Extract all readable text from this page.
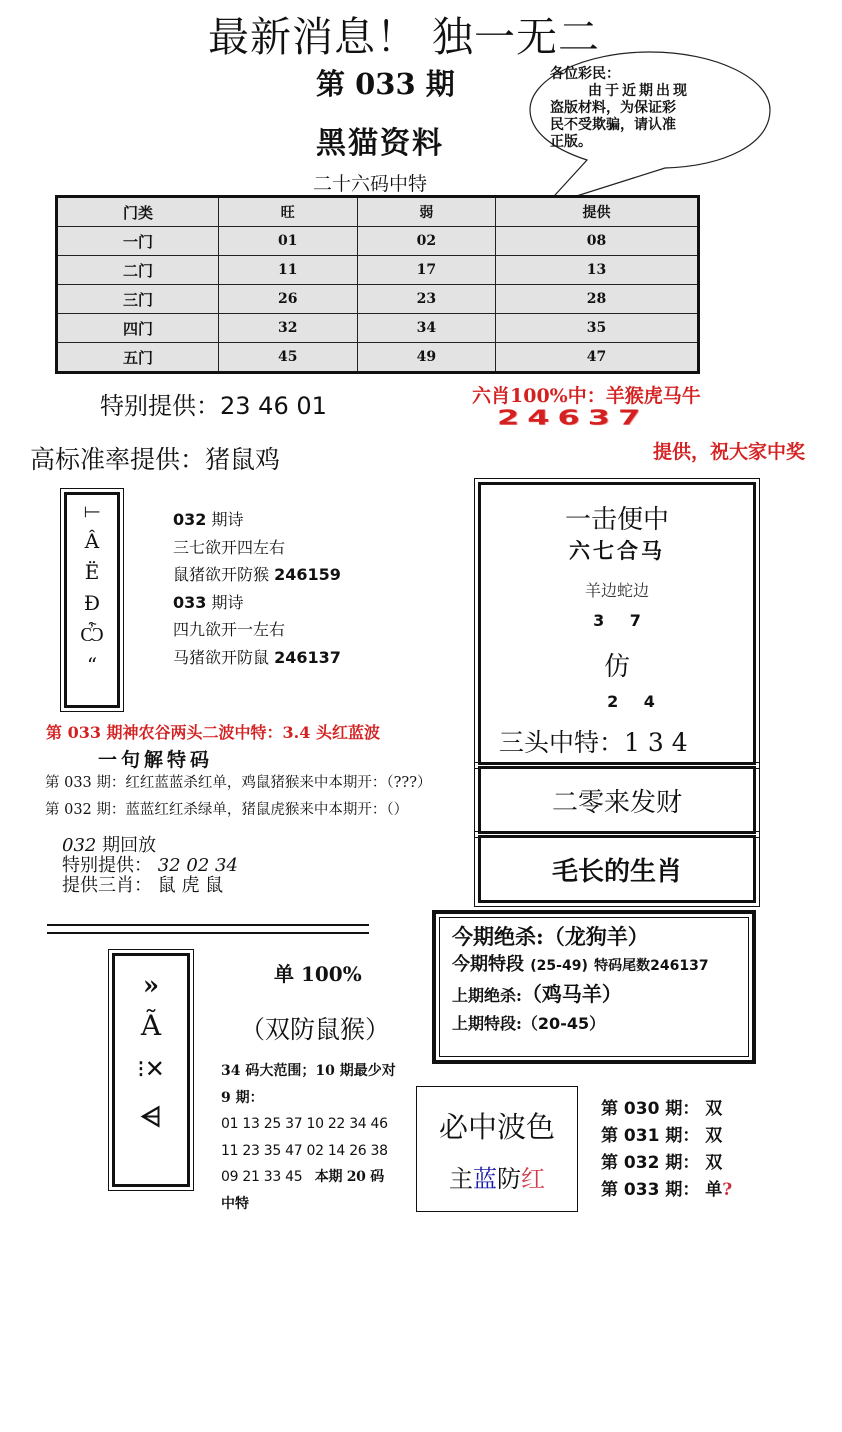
最新消息！ 独一无二
第 033 期
黑猫资料
二十六码中特
各位彩民：
由于近期出现
盗版材料，为保证彩
民不受欺骗，请认准
正版。
门类	旺	弱	提供
一门	01	02	08
二门	11	17	13
三门	26	23	28
四门	32	34	35
五门	45	49	47
特别提供：23 46 01
高标准率提供：猪鼠鸡
六肖100%中：羊猴虎马牛
24637
提供，祝大家中奖
⟝
Â
Ë
Ð
Ѽ
“
032 期诗
三七欲开四左右
鼠猪欲开防猴 246159
033 期诗
四九欲开一左右
马猪欲开防鼠 246137
第 033 期神农谷两头二波中特：3.4 头红蓝波
一句解特码
第 033 期：红红蓝蓝杀红单，鸡鼠猪猴来中本期开：（???）
第 032 期：蓝蓝红红杀绿单，猪鼠虎猴来中本期开：（）
032 期回放
特别提供： 32 02 34
提供三肖： 鼠 虎 鼠
一击便中
六七合马
羊边蛇边
3 7
仿
2 4
三头中特：1 3 4
二零来发财
毛长的生肖
今期绝杀:（龙狗羊）
今期特段 (25-49) 特码尾数246137
上期绝杀:（鸡马羊）
上期特段:（20-45）
»
Ã
⁝✕
⩤
单 100%
（双防鼠猴）
34 码大范围；10 期最少对
9 期：
01 13 25 37 10 22 34 46
11 23 35 47 02 14 26 38
09 21 33 45 本期 20 码
中特
必中波色
主蓝防红
第 030 期： 双
第 031 期： 双
第 032 期： 双
第 033 期： 单?
